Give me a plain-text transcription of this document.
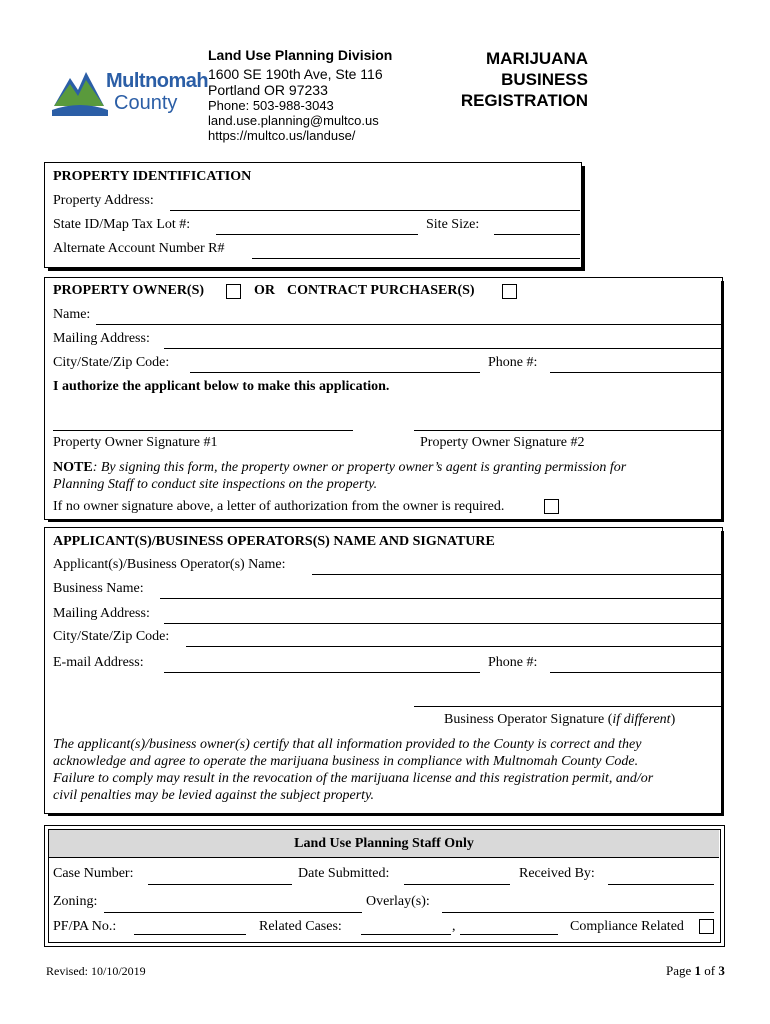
Multnomah
County
Land Use Planning Division
1600 SE 190th Ave, Ste 116
Portland OR 97233
Phone: 503-988-3043
land.use.planning@multco.us
https://multco.us/landuse/
MARIJUANA
BUSINESS
REGISTRATION
PROPERTY IDENTIFICATION
Property Address:
State ID/Map Tax Lot #:	Site Size:
Alternate Account Number R#
PROPERTY OWNER(S)	OR CONTRACT PURCHASER(S)
Name:
Mailing Address:
City/State/Zip Code:	Phone #:
I authorize the applicant below to make this application.
Property Owner Signature #1	Property Owner Signature #2
NOTE: By signing this form, the property owner or property owner’s agent is granting permission for
Planning Staff to conduct site inspections on the property.
If no owner signature above, a letter of authorization from the owner is required.
APPLICANT(S)/BUSINESS OPERATORS(S) NAME AND SIGNATURE
Applicant(s)/Business Operator(s) Name:
Business Name:
Mailing Address:
City/State/Zip Code:
E-mail Address:	Phone #:
Business Operator Signature (if different)
The applicant(s)/business owner(s) certify that all information provided to the County is correct and they
acknowledge and agree to operate the marijuana business in compliance with Multnomah County Code.
Failure to comply may result in the revocation of the marijuana license and this registration permit, and/or
civil penalties may be levied against the subject property.
Land Use Planning Staff Only
Case Number:	Date Submitted:	Received By:
Zoning:	Overlay(s):
PF/PA No.:	Related Cases:	,	Compliance Related
Revised: 10/10/2019	Page 1 of 3
